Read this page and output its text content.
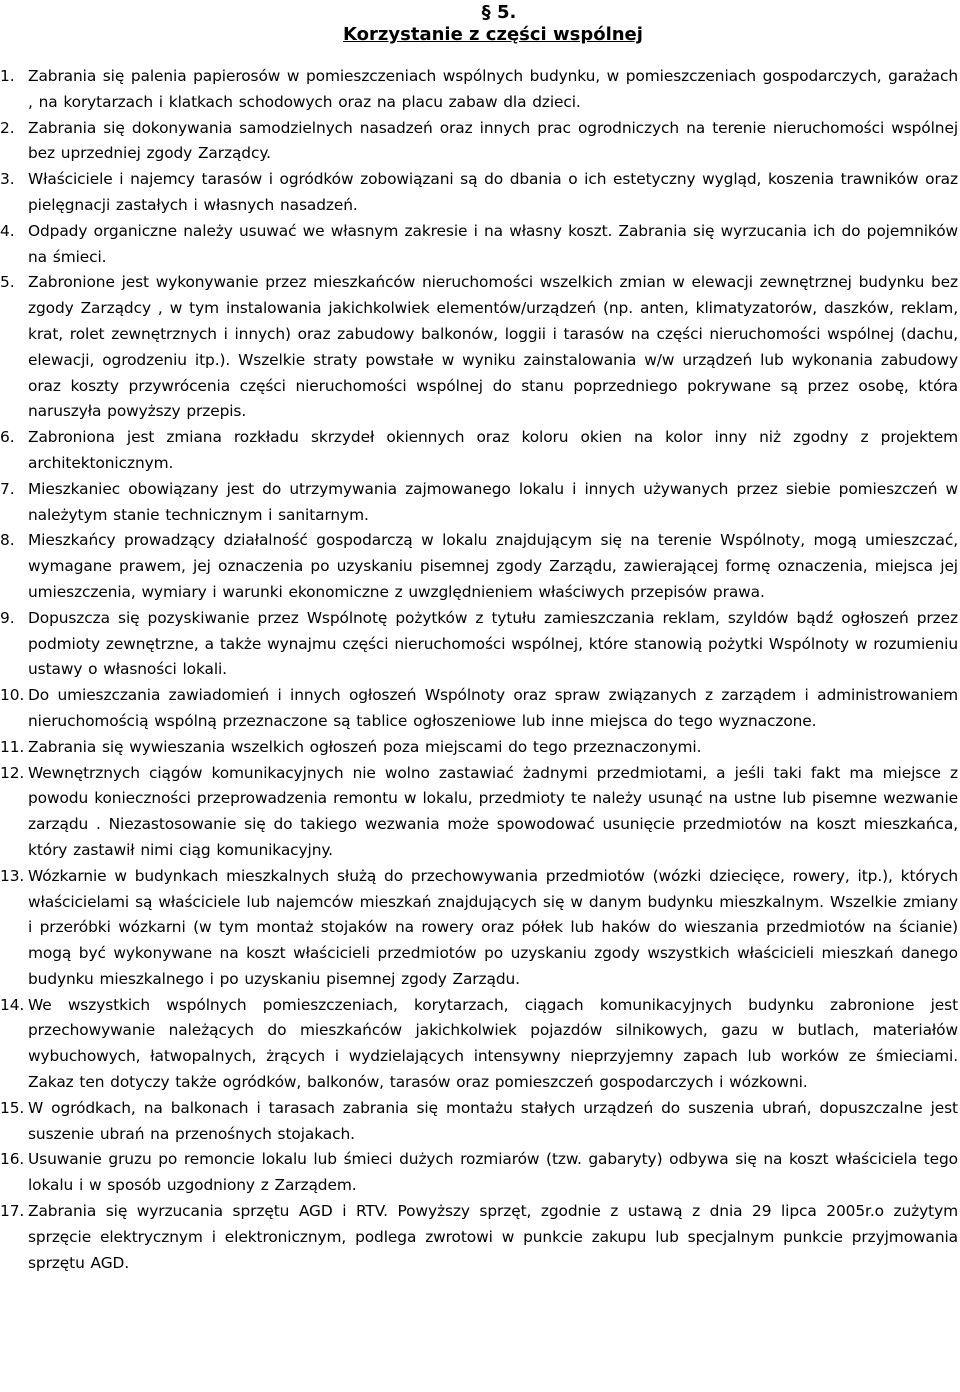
§ 5.
Korzystanie z części wspólnej
1. Zabrania się palenia papierosów w pomieszczeniach wspólnych budynku, w pomieszczeniach gospodarczych, garażach , na korytarzach i klatkach schodowych oraz na placu zabaw dla dzieci.
2. Zabrania się dokonywania samodzielnych nasadzeń oraz innych prac ogrodniczych na terenie nieruchomości wspólnej bez uprzedniej zgody Zarządcy.
3. Właściciele i najemcy tarasów i ogródków zobowiązani są do dbania o ich estetyczny wygląd, koszenia trawników oraz pielęgnacji zastałych i własnych nasadzeń.
4. Odpady organiczne należy usuwać we własnym zakresie i na własny koszt. Zabrania się wyrzucania ich do pojemników na śmieci.
5. Zabronione jest wykonywanie przez mieszkańców nieruchomości wszelkich zmian w elewacji zewnętrznej budynku bez zgody Zarządcy , w tym instalowania jakichkolwiek elementów/urządzeń (np. anten, klimatyzatorów, daszków, reklam, krat, rolet zewnętrznych i innych) oraz zabudowy balkonów, loggii i tarasów na części nieruchomości wspólnej (dachu, elewacji, ogrodzeniu itp.). Wszelkie straty powstałe w wyniku zainstalowania w/w urządzeń lub wykonania zabudowy oraz koszty przywrócenia części nieruchomości wspólnej do stanu poprzedniego pokrywane są przez osobę, która naruszyła powyższy przepis.
6. Zabroniona jest zmiana rozkładu skrzydeł okiennych oraz koloru okien na kolor inny niż zgodny z projektem architektonicznym.
7. Mieszkaniec obowiązany jest do utrzymywania zajmowanego lokalu i innych używanych przez siebie pomieszczeń w należytym stanie technicznym i sanitarnym.
8. Mieszkańcy prowadzący działalność gospodarczą w lokalu znajdującym się na terenie Wspólnoty, mogą umieszczać, wymagane prawem, jej oznaczenia po uzyskaniu pisemnej zgody Zarządu, zawierającej formę oznaczenia, miejsca jej umieszczenia, wymiary i warunki ekonomiczne z uwzględnieniem właściwych przepisów prawa.
9. Dopuszcza się pozyskiwanie przez Wspólnotę pożytków z tytułu zamieszczania reklam, szyldów bądź ogłoszeń przez podmioty zewnętrzne, a także wynajmu części nieruchomości wspólnej, które stanowią pożytki Wspólnoty w rozumieniu ustawy o własności lokali.
10. Do umieszczania zawiadomień i innych ogłoszeń Wspólnoty oraz spraw związanych z zarządem i administrowaniem nieruchomością wspólną przeznaczone są tablice ogłoszeniowe lub inne miejsca do tego wyznaczone.
11. Zabrania się wywieszania wszelkich ogłoszeń poza miejscami do tego przeznaczonymi.
12. Wewnętrznych ciągów komunikacyjnych nie wolno zastawiać żadnymi przedmiotami, a jeśli taki fakt ma miejsce z powodu konieczności przeprowadzenia remontu w lokalu, przedmioty te należy usunąć na ustne lub pisemne wezwanie zarządu . Niezastosowanie się do takiego wezwania może spowodować usunięcie przedmiotów na koszt mieszkańca, który zastawił nimi ciąg komunikacyjny.
13. Wózkarnie w budynkach mieszkalnych służą do przechowywania przedmiotów (wózki dziecięce, rowery, itp.), których właścicielami są właściciele lub najemców mieszkań znajdujących się w danym budynku mieszkalnym. Wszelkie zmiany i przeróbki wózkarni (w tym montaż stojaków na rowery oraz półek lub haków do wieszania przedmiotów na ścianie) mogą być wykonywane na koszt właścicieli przedmiotów po uzyskaniu zgody wszystkich właścicieli mieszkań danego budynku mieszkalnego i po uzyskaniu pisemnej zgody Zarządu.
14. We wszystkich wspólnych pomieszczeniach, korytarzach, ciągach komunikacyjnych budynku zabronione jest przechowywanie należących do mieszkańców jakichkolwiek pojazdów silnikowych, gazu w butlach, materiałów wybuchowych, łatwopalnych, żrących i wydzielających intensywny nieprzyjemny zapach lub worków ze śmieciami. Zakaz ten dotyczy także ogródków, balkonów, tarasów oraz pomieszczeń gospodarczych i wózkowni.
15. W ogródkach, na balkonach i tarasach zabrania się montażu stałych urządzeń do suszenia ubrań, dopuszczalne jest suszenie ubrań na przenośnych stojakach.
16. Usuwanie gruzu po remoncie lokalu lub śmieci dużych rozmiarów (tzw. gabaryty) odbywa się na koszt właściciela tego lokalu i w sposób uzgodniony z Zarządem.
17. Zabrania się wyrzucania sprzętu AGD i RTV. Powyższy sprzęt, zgodnie z ustawą z dnia 29 lipca 2005r.o zużytym sprzęcie elektrycznym i elektronicznym, podlega zwrotowi w punkcie zakupu lub specjalnym punkcie przyjmowania sprzętu AGD.
